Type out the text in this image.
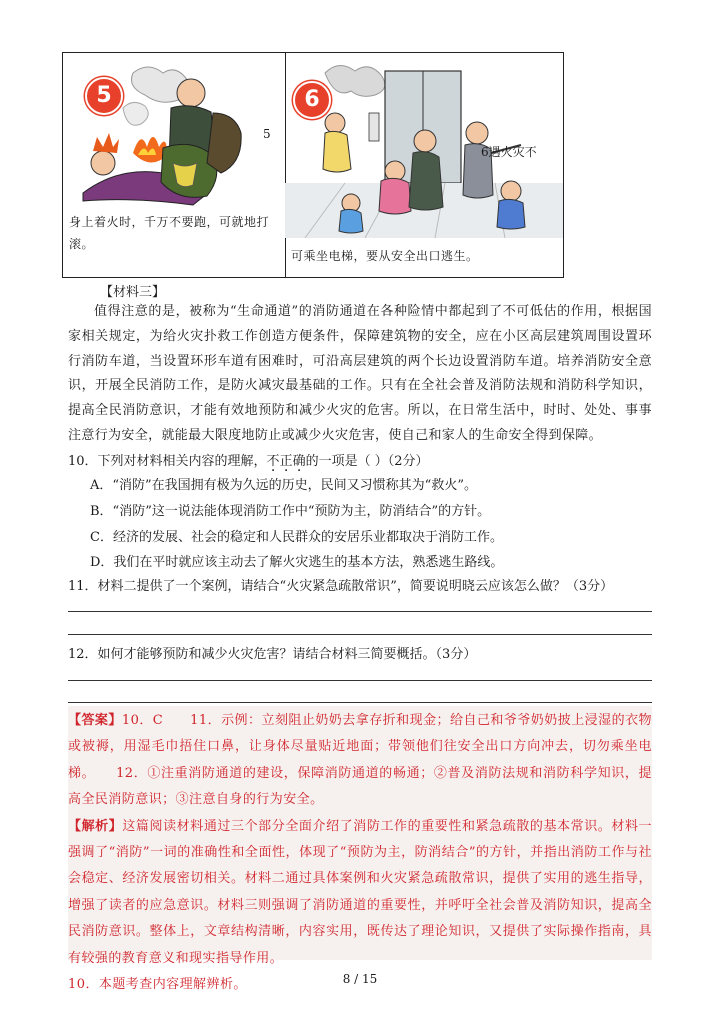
5
5
身上着火时，千万不要跑，可就地打滚。
6
6遇火灾不
可乘坐电梯，要从安全出口逃生。
【材料三】
值得注意的是，被称为“生命通道”的消防通道在各种险情中都起到了不可低估的作用，根据国家相关规定，为给火灾扑救工作创造方便条件，保障建筑物的安全，应在小区高层建筑周围设置环行消防车道，当设置环形车道有困难时，可沿高层建筑的两个长边设置消防车道。培养消防安全意识，开展全民消防工作，是防火减灾最基础的工作。只有在全社会普及消防法规和消防科学知识，提高全民消防意识，才能有效地预防和减少火灾的危害。所以，在日常生活中，时时、处处、事事注意行为安全，就能最大限度地防止或减少火灾危害，使自己和家人的生命安全得到保障。
10．下列对材料相关内容的理解，不正确的一项是（ ）（2分）
A．“消防”在我国拥有极为久远的历史，民间又习惯称其为“救火”。
B．“消防”这一说法能体现消防工作中“预防为主，防消结合”的方针。
C．经济的发展、社会的稳定和人民群众的安居乐业都取决于消防工作。
D．我们在平时就应该主动去了解火灾逃生的基本方法，熟悉逃生路线。
11．材料二提供了一个案例，请结合“火灾紧急疏散常识”，简要说明晓云应该怎么做？（3分）
12．如何才能够预防和减少火灾危害？请结合材料三简要概括。（3分）

【答案】10．C　　11．示例：立刻阻止奶奶去拿存折和现金；给自己和爷爷奶奶披上浸湿的衣物或被褥，用湿毛巾捂住口鼻，让身体尽量贴近地面；带领他们往安全出口方向冲去，切勿乘坐电梯。　　12．①注重消防通道的建设，保障消防通道的畅通；②普及消防法规和消防科学知识，提高全民消防意识；③注意自身的行为安全。

【解析】这篇阅读材料通过三个部分全面介绍了消防工作的重要性和紧急疏散的基本常识。材料一强调了“消防”一词的准确性和全面性，体现了“预防为主，防消结合”的方针，并指出消防工作与社会稳定、经济发展密切相关。材料二通过具体案例和火灾紧急疏散常识，提供了实用的逃生指导，增强了读者的应急意识。材料三则强调了消防通道的重要性，并呼吁全社会普及消防知识，提高全民消防意识。整体上，文章结构清晰，内容实用，既传达了理论知识，又提供了实际操作指南，具有较强的教育意义和现实指导作用。

10．本题考查内容理解辨析。	8 / 15
